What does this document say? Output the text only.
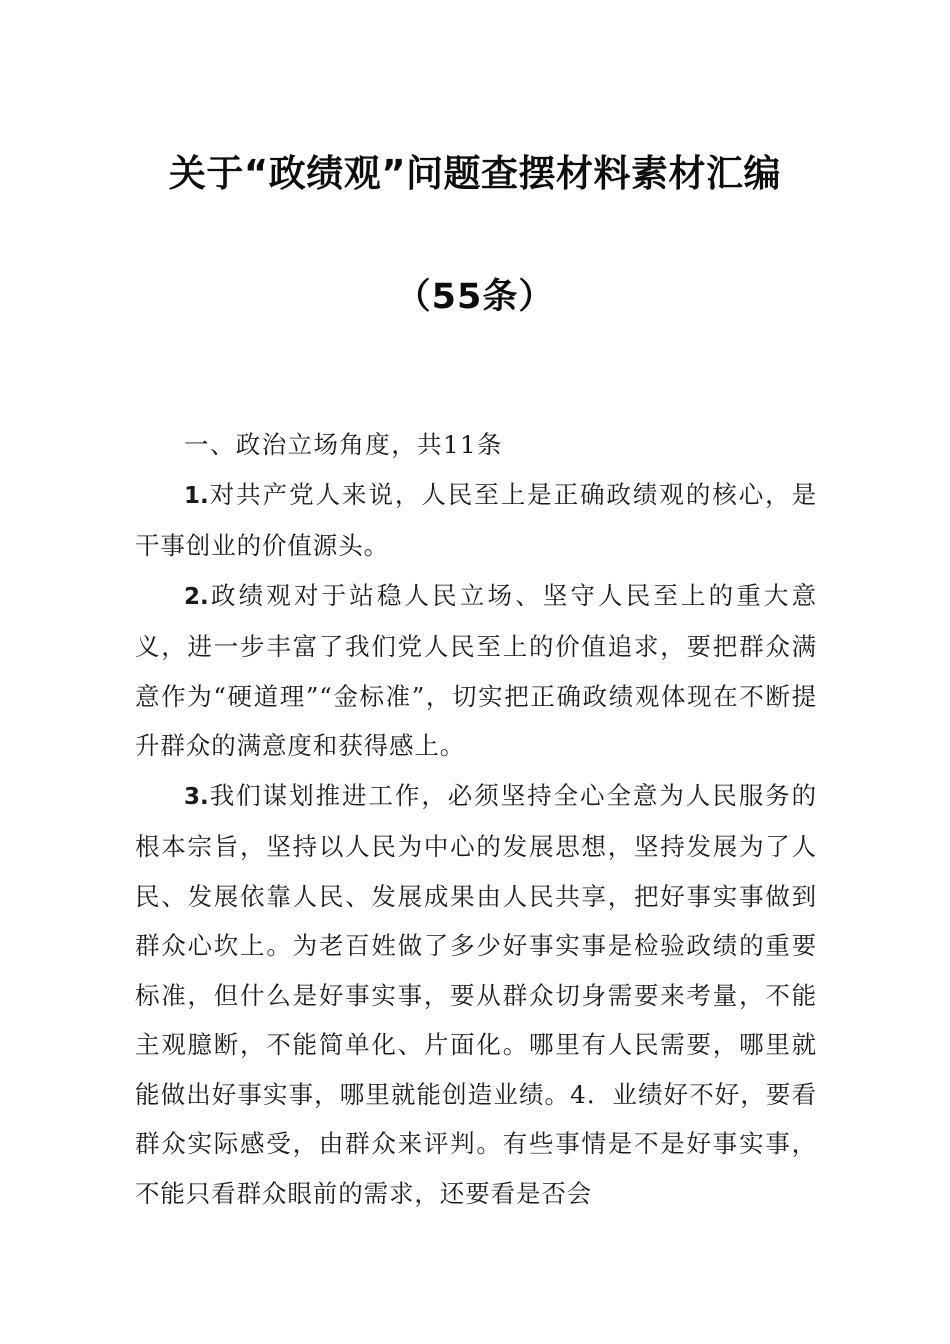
关于“政绩观”问题查摆材料素材汇编
（55条）

一、政治立场角度，共11条

1.对共产党人来说，人民至上是正确政绩观的核心，是干事创业的价值源头。

2.政绩观对于站稳人民立场、坚守人民至上的重大意义，进一步丰富了我们党人民至上的价值追求，要把群众满意作为“硬道理”“金标准”，切实把正确政绩观体现在不断提升群众的满意度和获得感上。

3.我们谋划推进工作，必须坚持全心全意为人民服务的根本宗旨，坚持以人民为中心的发展思想，坚持发展为了人民、发展依靠人民、发展成果由人民共享，把好事实事做到群众心坎上。为老百姓做了多少好事实事是检验政绩的重要标准，但什么是好事实事，要从群众切身需要来考量，不能主观臆断，不能简单化、片面化。哪里有人民需要，哪里就能做出好事实事，哪里就能创造业绩。4．业绩好不好，要看群众实际感受，由群众来评判。有些事情是不是好事实事，不能只看群众眼前的需求，还要看是否会
